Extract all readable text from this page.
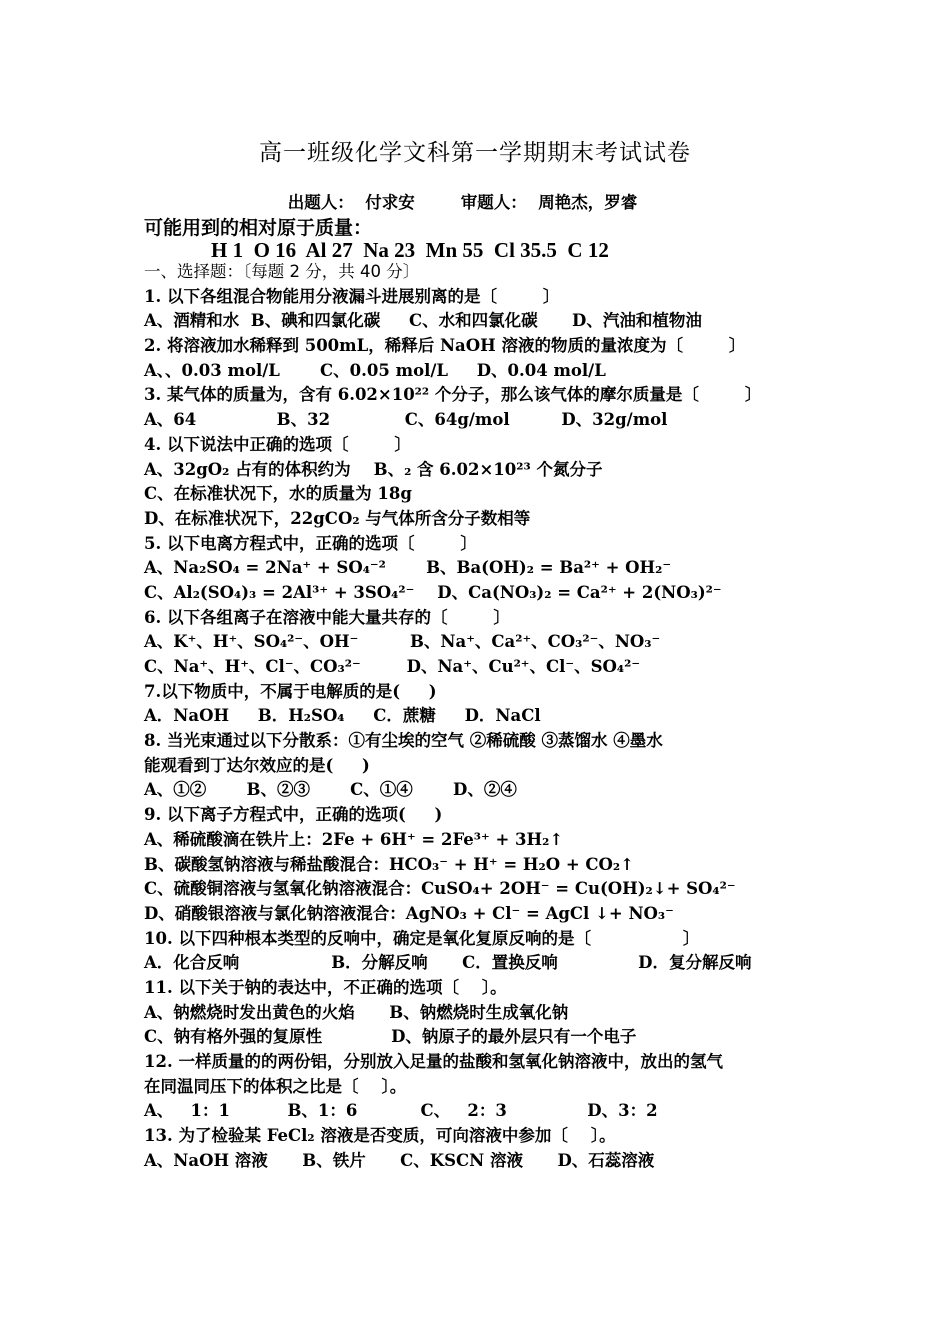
高一班级化学文科第一学期期末考试试卷
出题人：  付求安        审题人：  周艳杰，罗睿
可能用到的相对原于质量：
H 1  O 16  Al 27  Na 23  Mn 55  Cl 35.5  C 12
一、选择题：〔每题 2 分，共 40 分〕
1. 以下各组混合物能用分液漏斗进展别离的是〔        〕
A、酒精和水  B、碘和四氯化碳     C、水和四氯化碳      D、汽油和植物油
2. 将溶液加水稀释到 500mL，稀释后 NaOH 溶液的物质的量浓度为〔        〕
A、、0.03 mol/L       C、0.05 mol/L     D、0.04 mol/L
3. 某气体的质量为，含有 6.02×10²² 个分子，那么该气体的摩尔质量是〔        〕
A、64              B、32             C、64g/mol         D、32g/mol
4. 以下说法中正确的选项〔        〕
A、32gO₂ 占有的体积约为    B、₂ 含 6.02×10²³ 个氮分子
C、在标准状况下，水的质量为 18g
D、在标准状况下，22gCO₂ 与气体所含分子数相等
5. 以下电离方程式中，正确的选项〔        〕
A、Na₂SO₄ = 2Na⁺ + SO₄⁻²       B、Ba(OH)₂ = Ba²⁺ + OH₂⁻
C、Al₂(SO₄)₃ = 2Al³⁺ + 3SO₄²⁻    D、Ca(NO₃)₂ = Ca²⁺ + 2(NO₃)²⁻
6. 以下各组离子在溶液中能大量共存的〔        〕
A、K⁺、H⁺、SO₄²⁻、OH⁻         B、Na⁺、Ca²⁺、CO₃²⁻、NO₃⁻
C、Na⁺、H⁺、Cl⁻、CO₃²⁻        D、Na⁺、Cu²⁺、Cl⁻、SO₄²⁻
7.以下物质中，不属于电解质的是(     )
A．NaOH     B．H₂SO₄     C．蔗糖     D．NaCl
8. 当光束通过以下分散系：①有尘埃的空气 ②稀硫酸 ③蒸馏水 ④墨水
能观看到丁达尔效应的是(     )
A、①②       B、②③       C、①④       D、②④
9. 以下离子方程式中，正确的选项(     )
A、稀硫酸滴在铁片上：2Fe + 6H⁺ = 2Fe³⁺ + 3H₂↑
B、碳酸氢钠溶液与稀盐酸混合：HCO₃⁻ + H⁺ = H₂O + CO₂↑
C、硫酸铜溶液与氢氧化钠溶液混合：CuSO₄+ 2OH⁻ = Cu(OH)₂↓+ SO₄²⁻
D、硝酸银溶液与氯化钠溶液混合：AgNO₃ + Cl⁻ = AgCl ↓+ NO₃⁻
10. 以下四种根本类型的反响中，确定是氧化复原反响的是〔                〕
A．化合反响                B．分解反响      C．置换反响              D．复分解反响
11. 以下关于钠的表达中，不正确的选项〔    〕。
A、钠燃烧时发出黄色的火焰      B、钠燃烧时生成氧化钠
C、钠有格外强的复原性            D、钠原子的最外层只有一个电子
12. 一样质量的的两份铝，分别放入足量的盐酸和氢氧化钠溶液中，放出的氢气
在同温同压下的体积之比是〔    〕。
A、   1：1          B、1：6           C、   2：3              D、3：2
13. 为了检验某 FeCl₂ 溶液是否变质，可向溶液中参加〔    〕。
A、NaOH 溶液      B、铁片      C、KSCN 溶液      D、石蕊溶液
